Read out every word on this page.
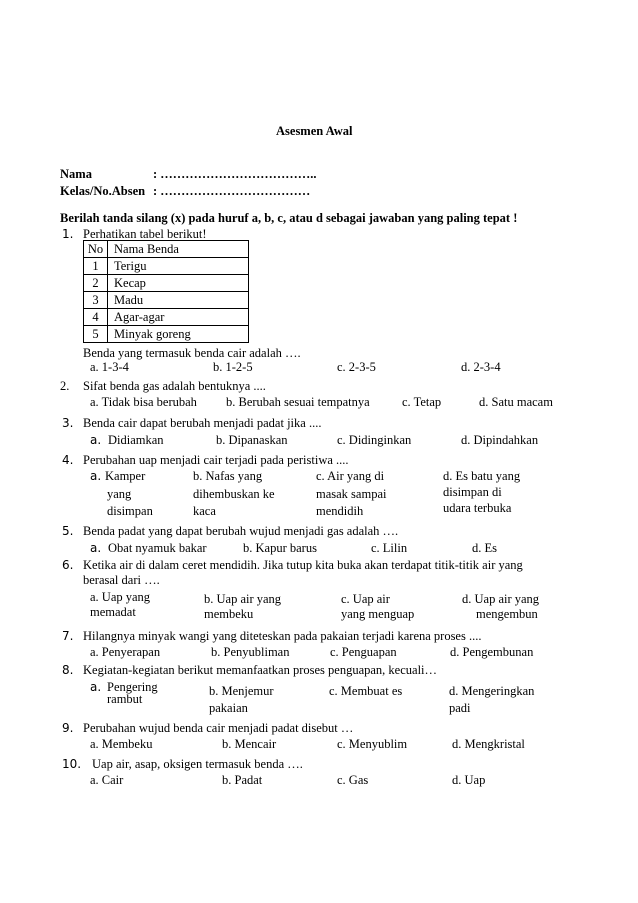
Asesmen Awal
Nama	: ………………………………..
Kelas/No.Absen : ………………………………
Berilah tanda silang (x) pada huruf a, b, c, atau d sebagai jawaban yang paling tepat !
1. Perhatikan tabel berikut!
No	Nama Benda
1	Terigu
2	Kecap
3	Madu
4	Agar-agar
5	Minyak goreng
Benda yang termasuk benda cair adalah ….
a. 1-3-4	b. 1-2-5	c. 2-3-5	d. 2-3-4
2. Sifat benda gas adalah bentuknya ....
a. Tidak bisa berubah b. Berubah sesuai tempatnya	c. Tetap	d. Satu macam
3. Benda cair dapat berubah menjadi padat jika ....
a. Didiamkan	b. Dipanaskan	c. Didinginkan	d. Dipindahkan
4. Perubahan uap menjadi cair terjadi pada peristiwa ....
a. Kamper
yang
disimpan
b. Nafas yang
dihembuskan ke
kaca
c. Air yang di
masak sampai
mendidih
d. Es batu yang
disimpan di
udara terbuka
5. Benda padat yang dapat berubah wujud menjadi gas adalah ….
a. Obat nyamuk bakar	b. Kapur barus	c. Lilin	d. Es
6. Ketika air di dalam ceret mendidih. Jika tutup kita buka akan terdapat titik-titik air yang
berasal dari ….
a. Uap yang
memadat
b. Uap air yang
membeku
c. Uap air
yang menguap
d. Uap air yang
mengembun
7. Hilangnya minyak wangi yang diteteskan pada pakaian terjadi karena proses ....
a. Penyerapan	b. Penyubliman	c. Penguapan	d. Pengembunan
8. Kegiatan-kegiatan berikut memanfaatkan proses penguapan, kecuali…
a. Pengering
rambut
b. Menjemur
pakaian
c. Membuat es	d. Mengeringkan
padi
9. Perubahan wujud benda cair menjadi padat disebut …
a. Membeku	b. Mencair	c. Menyublim	d. Mengkristal
10. Uap air, asap, oksigen termasuk benda ….
a. Cair	b. Padat	c. Gas	d. Uap
